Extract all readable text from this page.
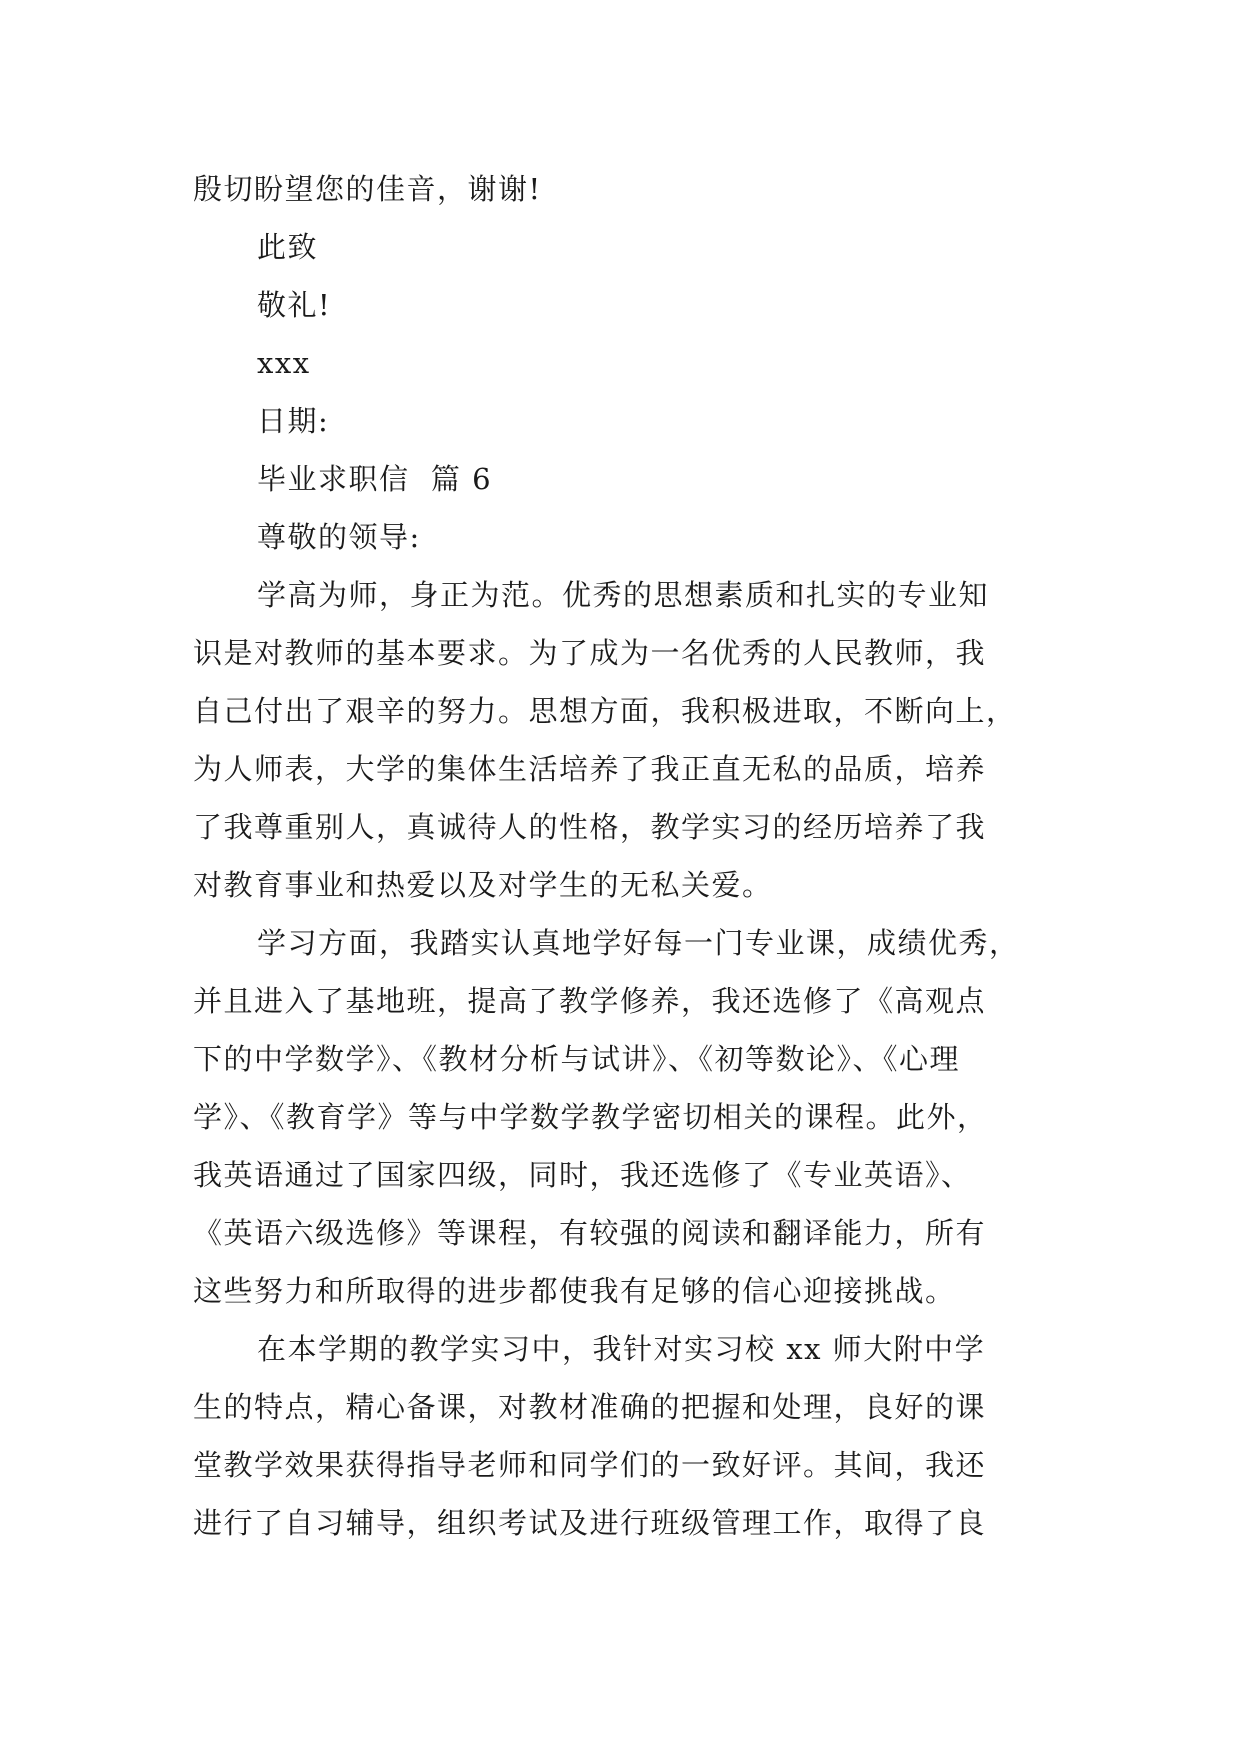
殷切盼望您的佳音，谢谢!
此致
敬礼!
xxx
日期:
毕业求职信  篇 6
尊敬的领导:
学高为师，身正为范。优秀的思想素质和扎实的专业知
识是对教师的基本要求。为了成为一名优秀的人民教师，我
自己付出了艰辛的努力。思想方面，我积极进取，不断向上，
为人师表，大学的集体生活培养了我正直无私的品质，培养
了我尊重别人，真诚待人的性格，教学实习的经历培养了我
对教育事业和热爱以及对学生的无私关爱。
学习方面，我踏实认真地学好每一门专业课，成绩优秀，
并且进入了基地班，提高了教学修养，我还选修了《高观点
下的中学数学》、《教材分析与试讲》、《初等数论》、《心理
学》、《教育学》等与中学数学教学密切相关的课程。此外，
我英语通过了国家四级，同时，我还选修了《专业英语》、
《英语六级选修》等课程，有较强的阅读和翻译能力，所有
这些努力和所取得的进步都使我有足够的信心迎接挑战。
在本学期的教学实习中，我针对实习校 xx 师大附中学
生的特点，精心备课，对教材准确的把握和处理，良好的课
堂教学效果获得指导老师和同学们的一致好评。其间，我还
进行了自习辅导，组织考试及进行班级管理工作，取得了良
